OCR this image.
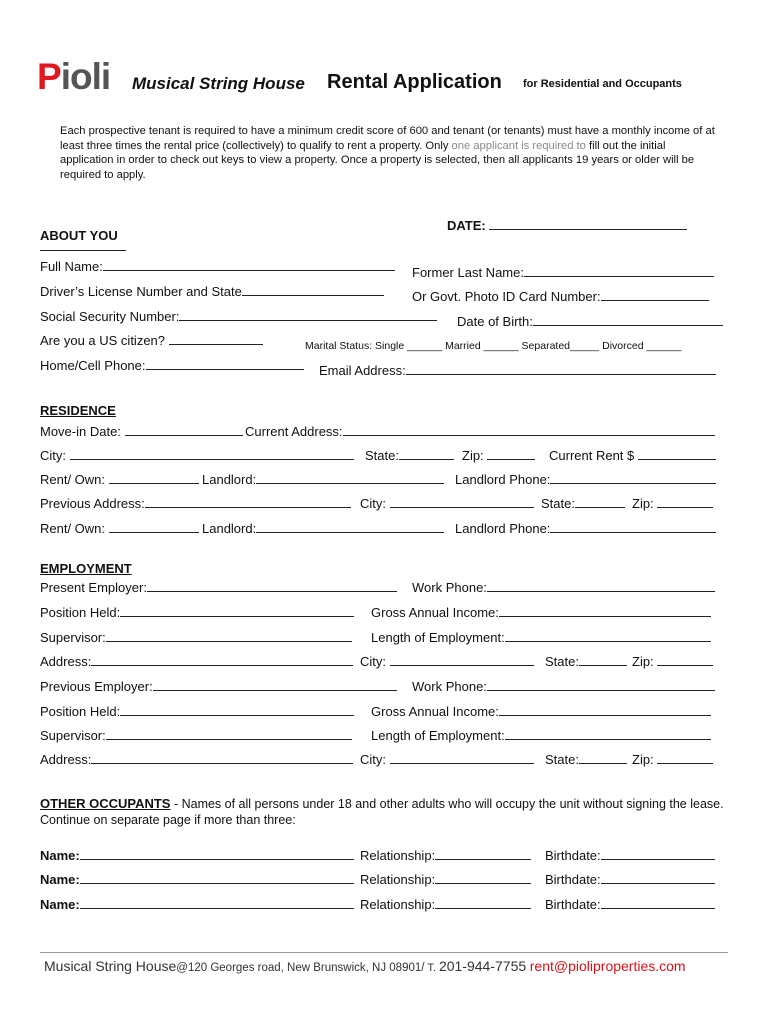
Pioli Musical String House Rental Application for Residential and Occupants
Each prospective tenant is required to have a minimum credit score of 600 and tenant (or tenants) must have a monthly income of at least three times the rental price (collectively) to qualify to rent a property. Only one applicant is required to fill out the initial application in order to check out keys to view a property. Once a property is selected, then all applicants 19 years or older will be required to apply.
DATE:
ABOUT YOU
Full Name:	Former Last Name:
Driver’s License Number and State	Or Govt. Photo ID Card Number:
Social Security Number:	Date of Birth:
Are you a US citizen?	Marital Status: Single ______ Married ______ Separated_____ Divorced ______
Home/Cell Phone:	Email Address:
RESIDENCE
Move-in Date:	Current Address:
City:	State:	Zip:	Current Rent $
Rent/ Own:	Landlord:	Landlord Phone:
Previous Address:	City:	State:	Zip:
Rent/ Own:	Landlord:	Landlord Phone:
EMPLOYMENT
Present Employer:	Work Phone:
Position Held:	Gross Annual Income:
Supervisor:	Length of Employment:
Address:	City:	State:	Zip:
Previous Employer:	Work Phone:
Position Held:	Gross Annual Income:
Supervisor:	Length of Employment:
Address:	City:	State:	Zip:
OTHER OCCUPANTS - Names of all persons under 18 and other adults who will occupy the unit without signing the lease. Continue on separate page if more than three:
Name:	Relationship:	Birthdate:
Name:	Relationship:	Birthdate:
Name:	Relationship:	Birthdate:
Musical String House@120 Georges road, New Brunswick, NJ 08901/ T. 201-944-7755 rent@pioliproperties.com
